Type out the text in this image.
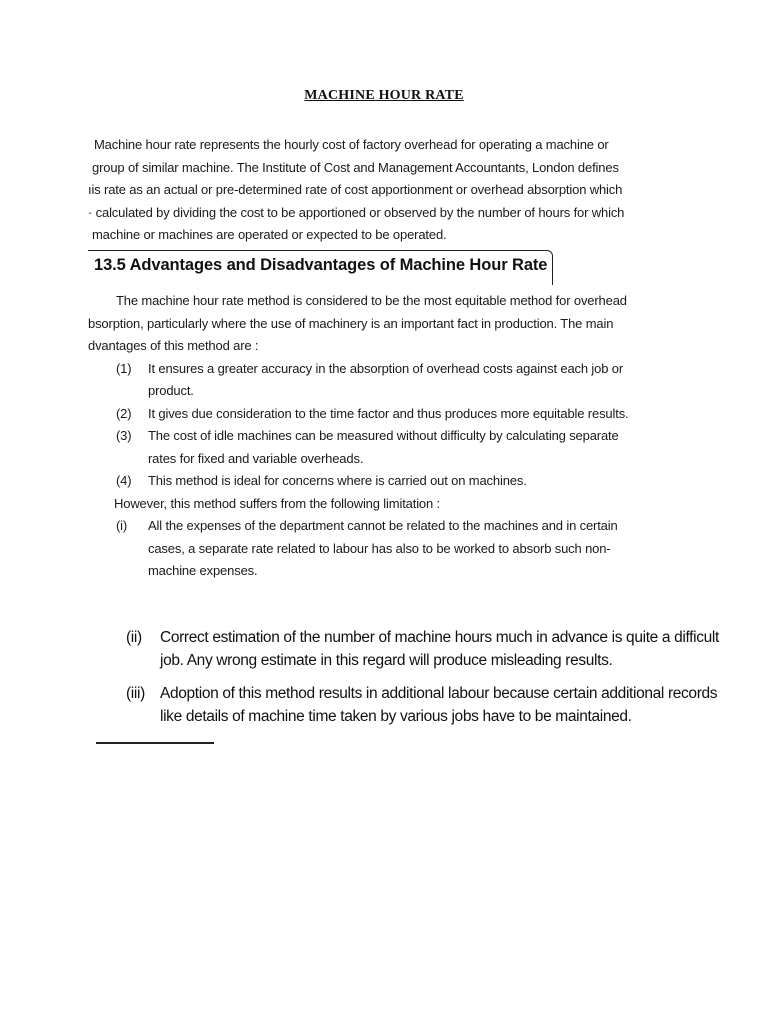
MACHINE HOUR RATE

Machine hour rate represents the hourly cost of factory overhead for operating a machine or

group of similar machine. The Institute of Cost and Management Accountants, London defines

ıis rate as an actual or pre-determined rate of cost apportionment or overhead absorption which

· calculated by dividing the cost to be apportioned or observed by the number of hours for which

machine or machines are operated or expected to be operated.

13.5 Advantages and Disadvantages of Machine Hour Rate

The machine hour rate method is considered to be the most equitable method for overhead

bsorption, particularly where the use of machinery is an important fact in production. The main

dvantages of this method are :

(1)	It ensures a greater accuracy in the absorption of overhead costs against each job or

product.

(2)	It gives due consideration to the time factor and thus produces more equitable results.

(3)	The cost of idle machines can be measured without difficulty by calculating separate

rates for fixed and variable overheads.

(4)	This method is ideal for concerns where is carried out on machines.

However, this method suffers from the following limitation :

(i)	All the expenses of the department cannot be related to the machines and in certain

cases, a separate rate related to labour has also to be worked to absorb such non-

machine expenses.

(ii)	Correct estimation of the number of machine hours much in advance is quite a difficult

job. Any wrong estimate in this regard will produce misleading results.

(iii) Adoption of this method results in additional labour because certain additional records

like details of machine time taken by various jobs have to be maintained.
